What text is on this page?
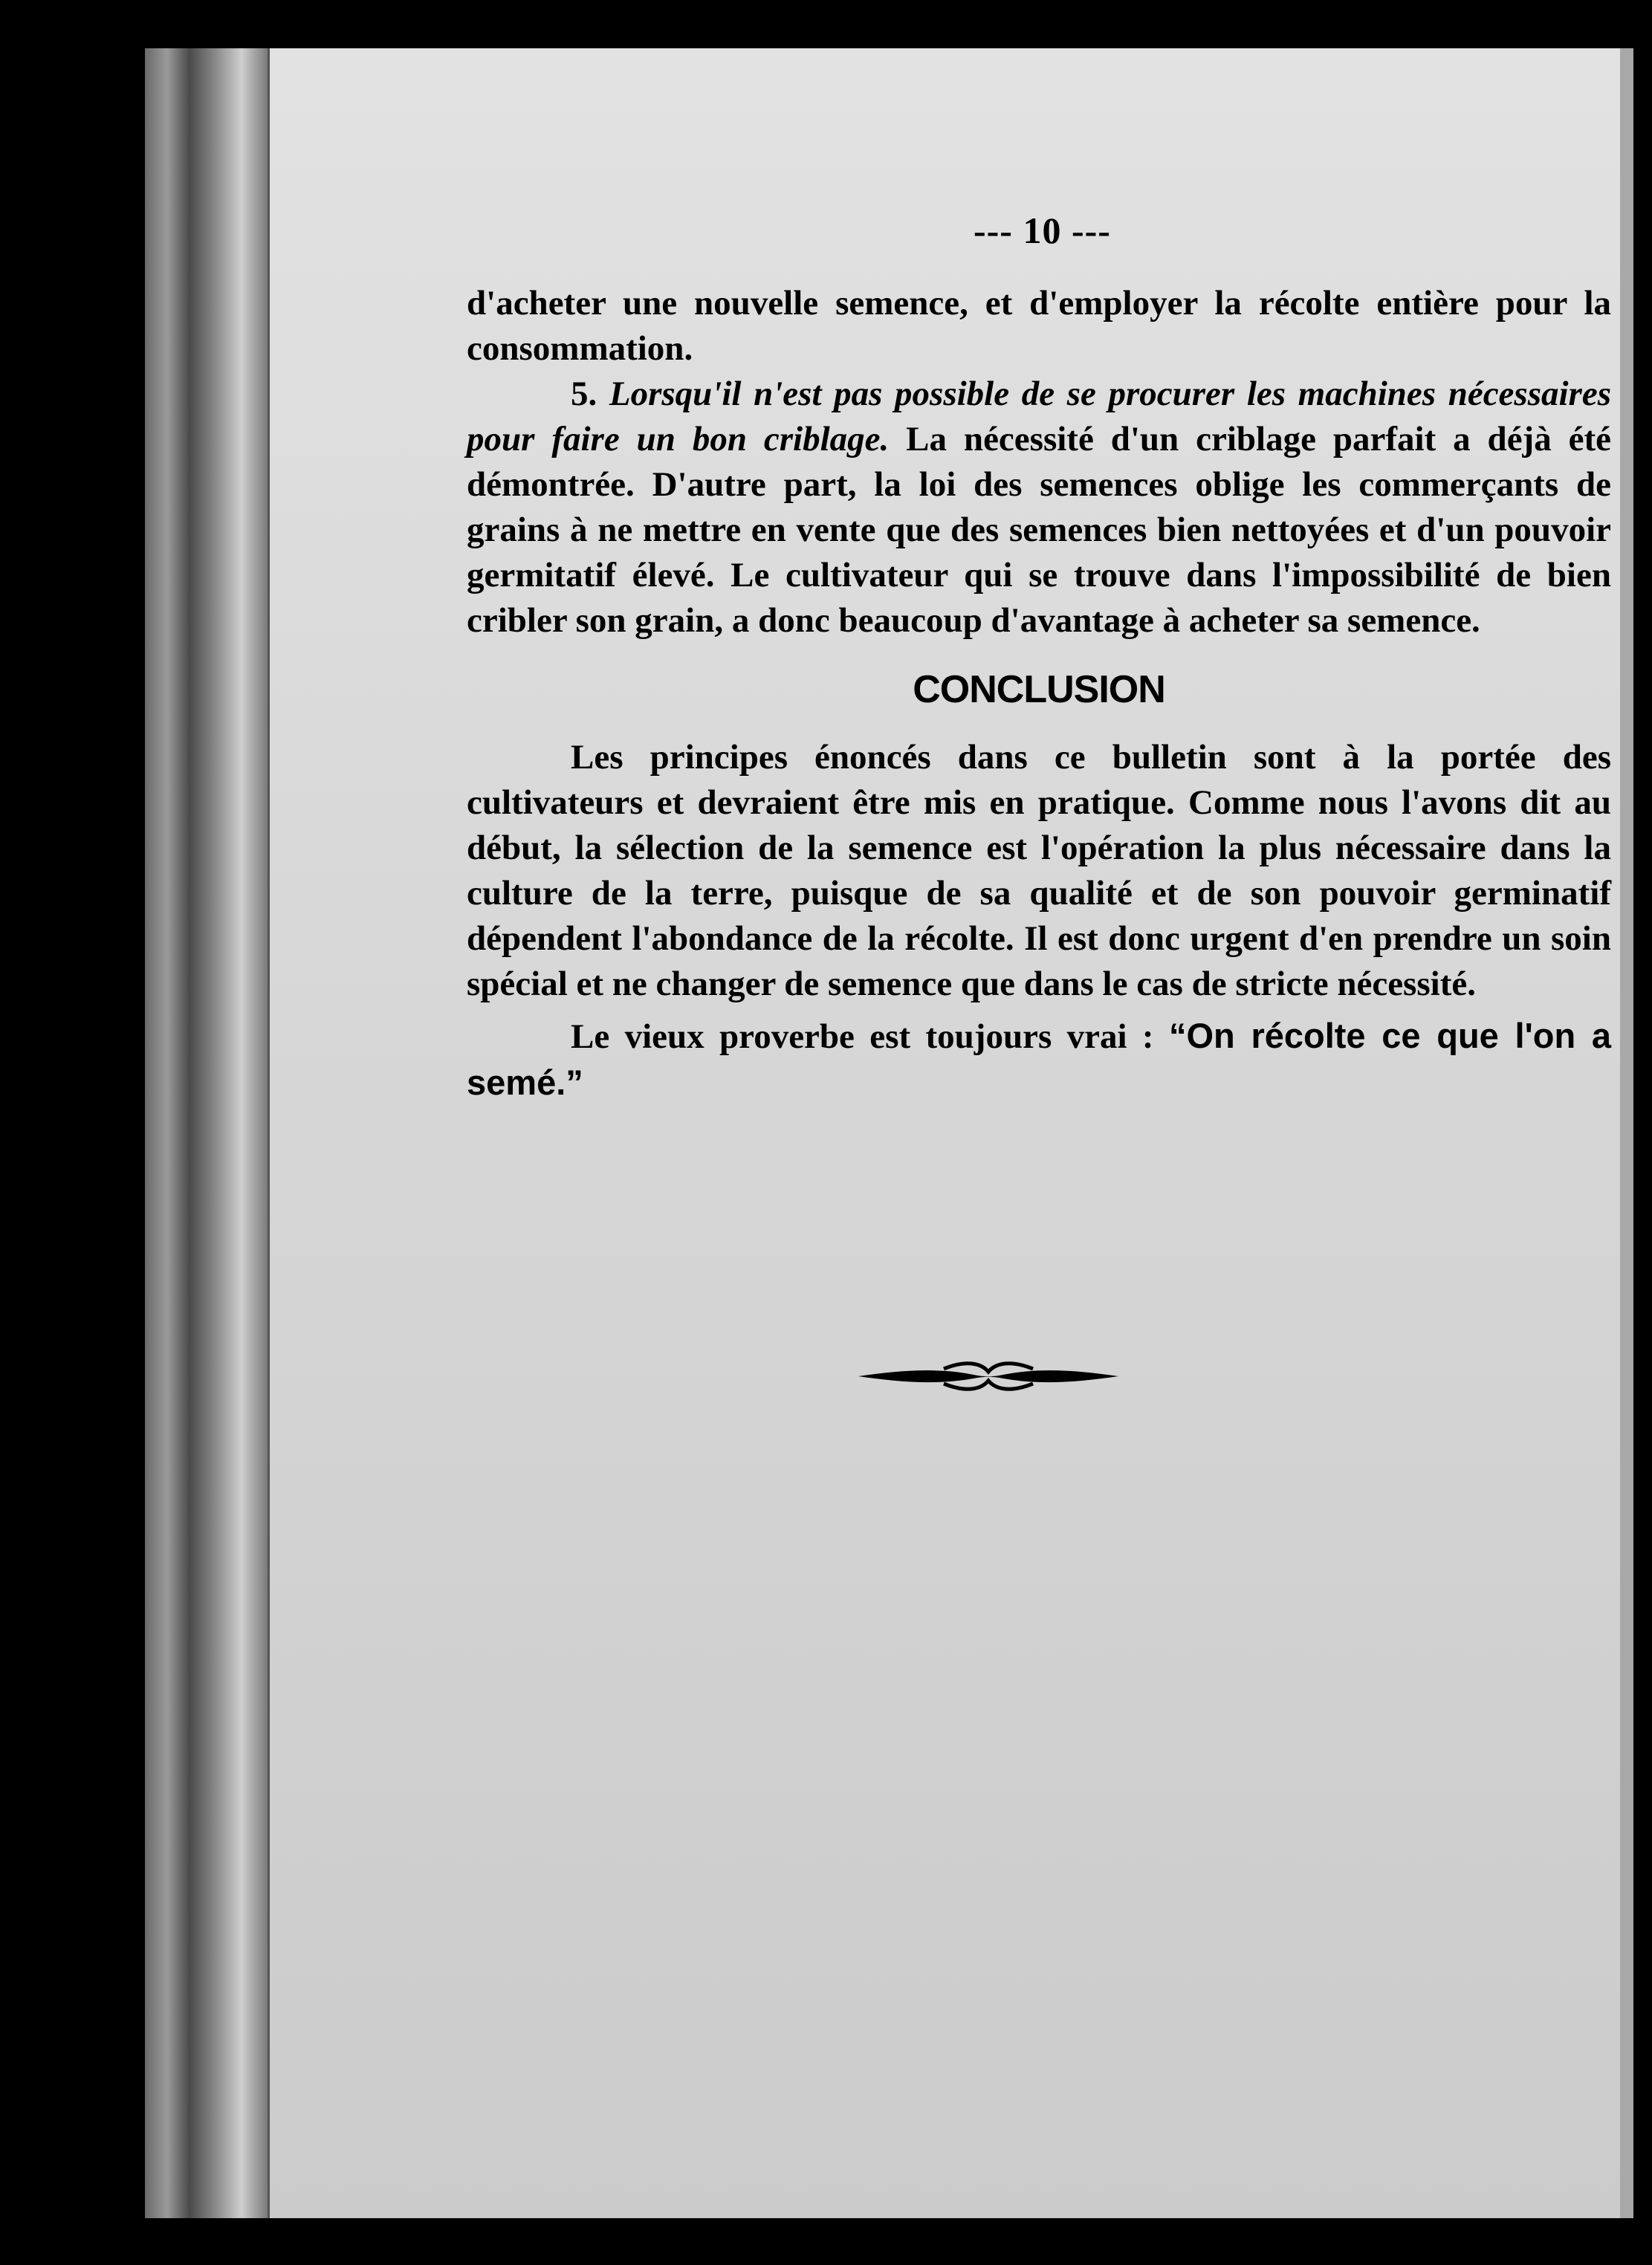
--- 10 ---

d'acheter une nouvelle semence, et d'employer la récolte entière pour la consommation.

5. Lorsqu'il n'est pas possible de se procurer les machines nécessaires pour faire un bon criblage. La nécessité d'un criblage parfait a déjà été démontrée. D'autre part, la loi des semences oblige les commerçants de grains à ne mettre en vente que des semences bien nettoyées et d'un pouvoir germitatif élevé. Le cultivateur qui se trouve dans l'impossibilité de bien cribler son grain, a donc beaucoup d'avantage à acheter sa semence.

CONCLUSION

Les principes énoncés dans ce bulletin sont à la portée des cultivateurs et devraient être mis en pratique. Comme nous l'avons dit au début, la sélection de la semence est l'opération la plus nécessaire dans la culture de la terre, puisque de sa qualité et de son pouvoir germinatif dépendent l'abondance de la récolte. Il est donc urgent d'en prendre un soin spécial et ne changer de semence que dans le cas de stricte nécessité.

Le vieux proverbe est toujours vrai : “On récolte ce que l'on a semé.”
